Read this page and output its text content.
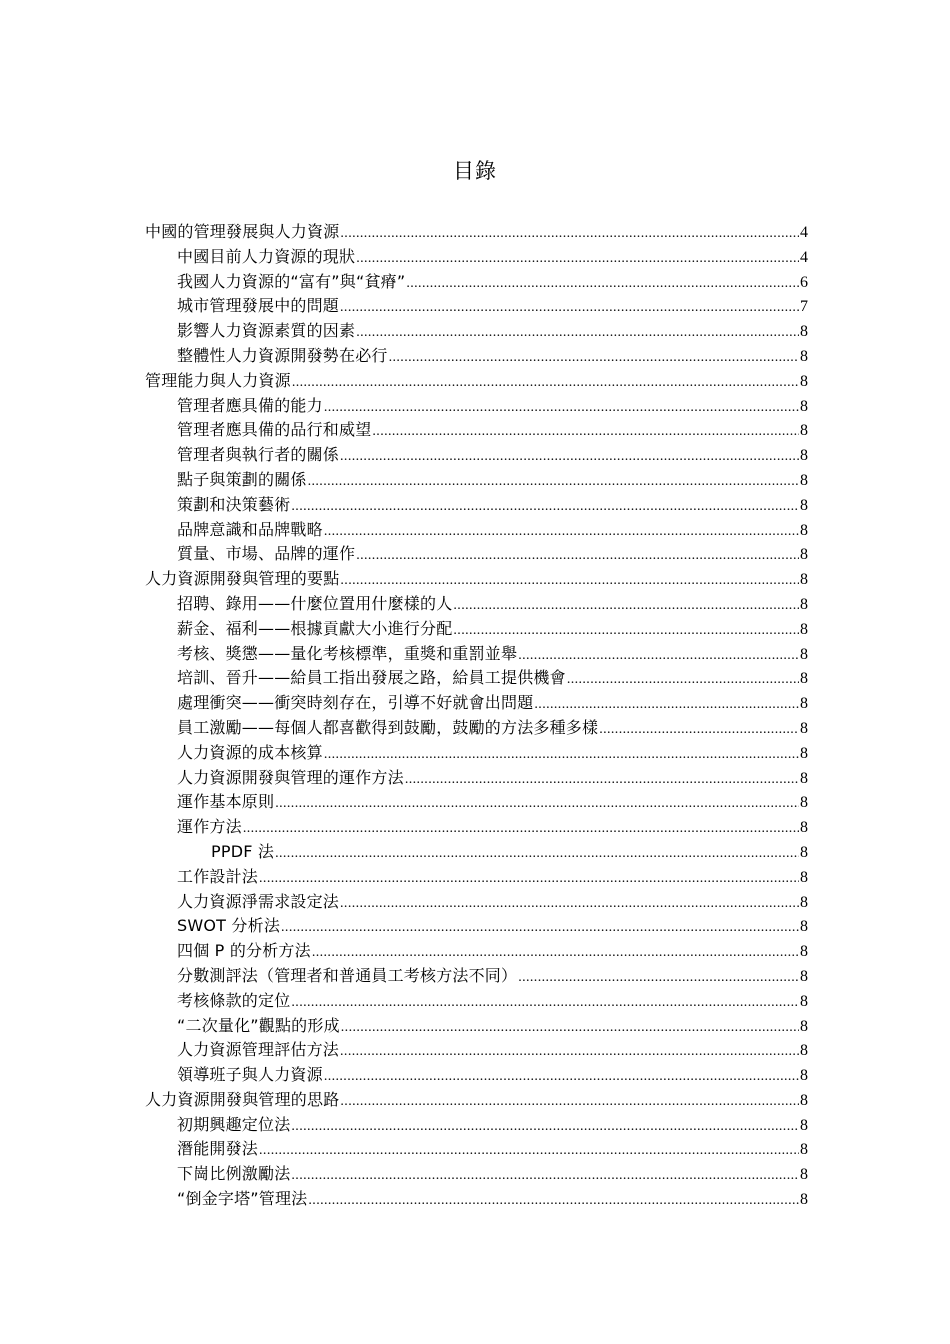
目錄
中國的管理發展與人力資源 .....	4
中國目前人力資源的現狀 .....	4
我國人力資源的“富有”與“貧瘠” .....	6
城市管理發展中的問題 .....	7
影響人力資源素質的因素 .....	8
整體性人力資源開發勢在必行 .....	8
管理能力與人力資源 .....	8
管理者應具備的能力 .....	8
管理者應具備的品行和威望 .....	8
管理者與執行者的關係 .....	8
點子與策劃的關係 .....	8
策劃和決策藝術 .....	8
品牌意識和品牌戰略 .....	8
質量、市場、品牌的運作 .....	8
人力資源開發與管理的要點 .....	8
招聘、錄用——什麼位置用什麼樣的人 .....	8
薪金、福利——根據貢獻大小進行分配 .....	8
考核、獎懲——量化考核標準，重獎和重罰並舉 .....	8
培訓、晉升——給員工指出發展之路，給員工提供機會 .....	8
處理衝突——衝突時刻存在，引導不好就會出問題 .....	8
員工激勵——每個人都喜歡得到鼓勵，鼓勵的方法多種多樣 .....	8
人力資源的成本核算 .....	8
人力資源開發與管理的運作方法 .....	8
運作基本原則 .....	8
運作方法 .....	8
PPDF 法 .....	8
工作設計法 .....	8
人力資源淨需求設定法 .....	8
SWOT 分析法 .....	8
四個 P 的分析方法 .....	8
分數測評法（管理者和普通員工考核方法不同） .....	8
考核條款的定位 .....	8
“二次量化”觀點的形成 .....	8
人力資源管理評估方法 .....	8
領導班子與人力資源 .....	8
人力資源開發與管理的思路 .....	8
初期興趣定位法 .....	8
潛能開發法 .....	8
下崗比例激勵法 .....	8
“倒金字塔”管理法 .....	8
